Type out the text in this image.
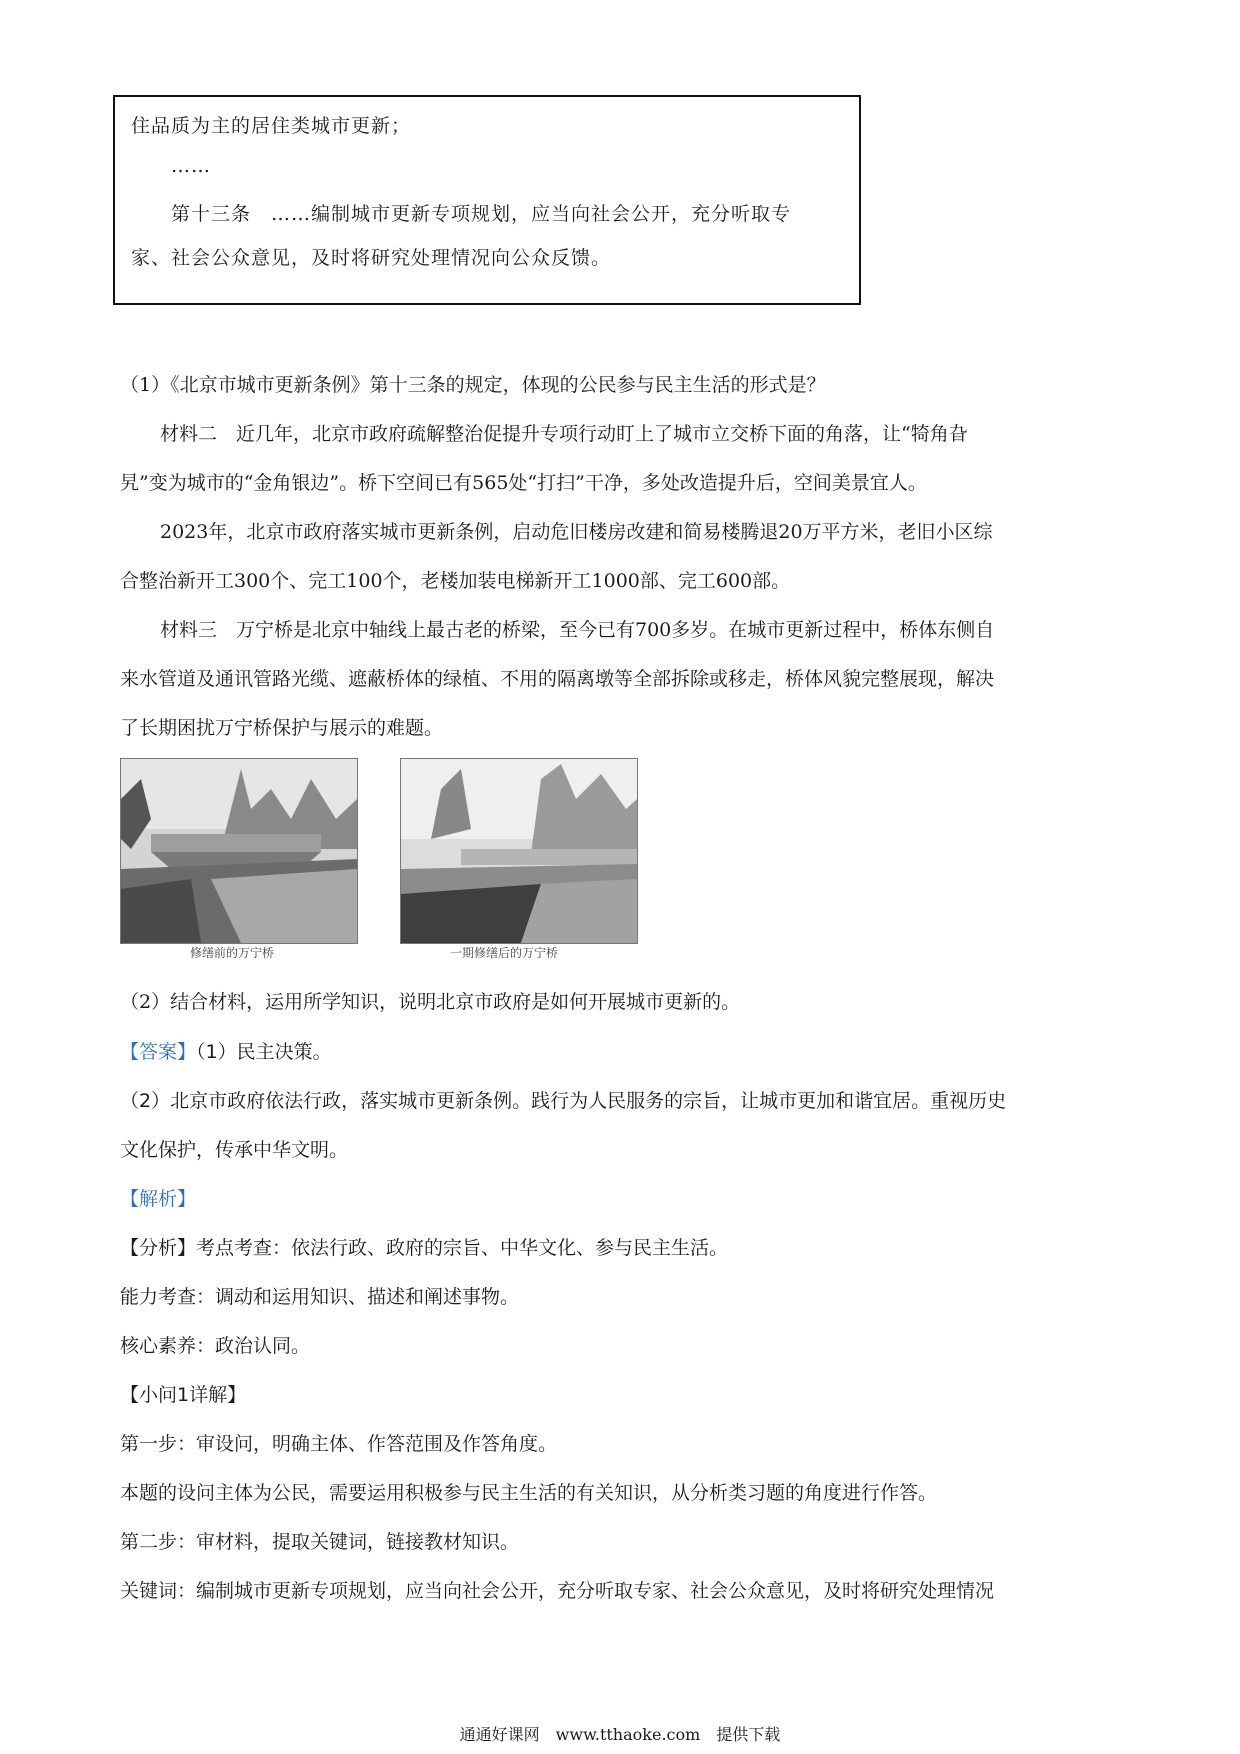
住品质为主的居住类城市更新；
……
第十三条　……编制城市更新专项规划，应当向社会公开，充分听取专
家、社会公众意见，及时将研究处理情况向公众反馈。
（1）《北京市城市更新条例》第十三条的规定，体现的公民参与民主生活的形式是？
材料二　近几年，北京市政府疏解整治促提升专项行动盯上了城市立交桥下面的角落，让“犄角旮
旯”变为城市的“金角银边”。桥下空间已有565处“打扫”干净，多处改造提升后，空间美景宜人。
2023年，北京市政府落实城市更新条例，启动危旧楼房改建和简易楼腾退20万平方米，老旧小区综
合整治新开工300个、完工100个，老楼加装电梯新开工1000部、完工600部。
材料三　万宁桥是北京中轴线上最古老的桥梁，至今已有700多岁。在城市更新过程中，桥体东侧自
来水管道及通讯管路光缆、遮蔽桥体的绿植、不用的隔离墩等全部拆除或移走，桥体风貌完整展现，解决
了长期困扰万宁桥保护与展示的难题。
修缮前的万宁桥	一期修缮后的万宁桥
（2）结合材料，运用所学知识，说明北京市政府是如何开展城市更新的。
【答案】（1）民主决策。
（2）北京市政府依法行政，落实城市更新条例。践行为人民服务的宗旨，让城市更加和谐宜居。重视历史
文化保护，传承中华文明。
【解析】
【分析】考点考查：依法行政、政府的宗旨、中华文化、参与民主生活。
能力考查：调动和运用知识、描述和阐述事物。
核心素养：政治认同。
【小问1详解】
第一步：审设问，明确主体、作答范围及作答角度。
本题的设问主体为公民，需要运用积极参与民主生活的有关知识，从分析类习题的角度进行作答。
第二步：审材料，提取关键词，链接教材知识。
关键词：编制城市更新专项规划，应当向社会公开，充分听取专家、社会公众意见，及时将研究处理情况
通通好课网　www.tthaoke.com　提供下载
